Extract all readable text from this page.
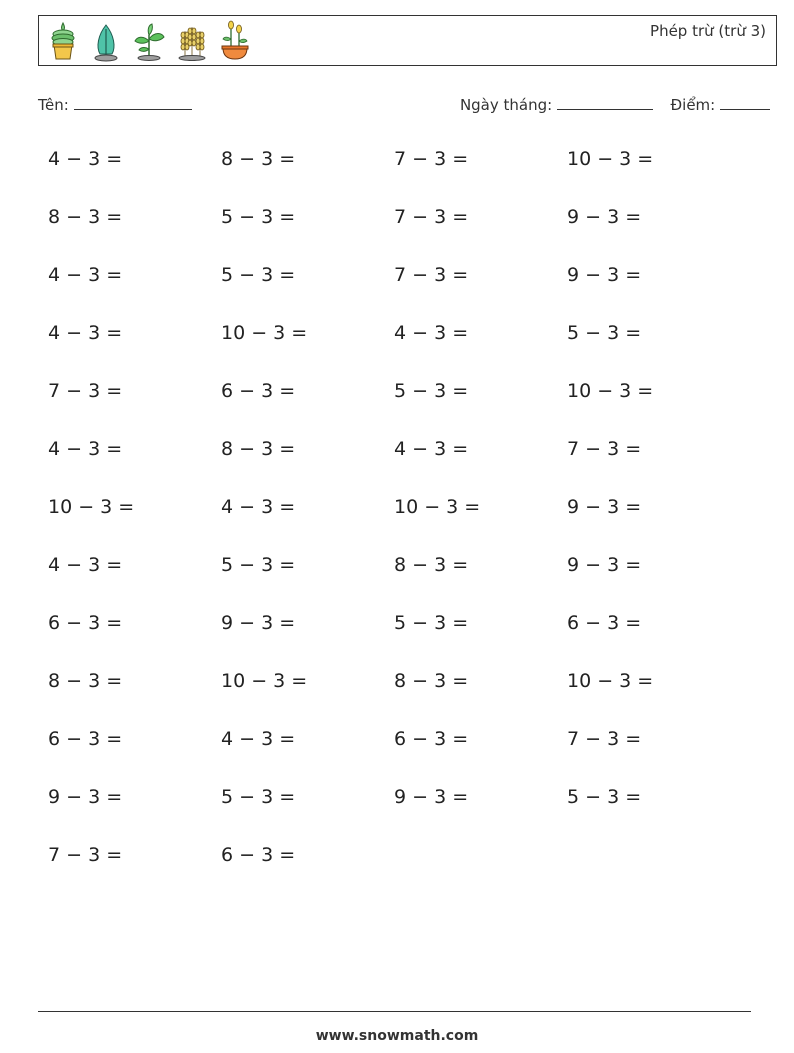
Phép trừ (trừ 3)
Tên:	Ngày tháng:	Điểm:
4 − 3 =	8 − 3 =	7 − 3 =	10 − 3 =
8 − 3 =	5 − 3 =	7 − 3 =	9 − 3 =
4 − 3 =	5 − 3 =	7 − 3 =	9 − 3 =
4 − 3 =	10 − 3 =	4 − 3 =	5 − 3 =
7 − 3 =	6 − 3 =	5 − 3 =	10 − 3 =
4 − 3 =	8 − 3 =	4 − 3 =	7 − 3 =
10 − 3 =	4 − 3 =	10 − 3 =	9 − 3 =
4 − 3 =	5 − 3 =	8 − 3 =	9 − 3 =
6 − 3 =	9 − 3 =	5 − 3 =	6 − 3 =
8 − 3 =	10 − 3 =	8 − 3 =	10 − 3 =
6 − 3 =	4 − 3 =	6 − 3 =	7 − 3 =
9 − 3 =	5 − 3 =	9 − 3 =	5 − 3 =
7 − 3 =	6 − 3 =
www.snowmath.com
